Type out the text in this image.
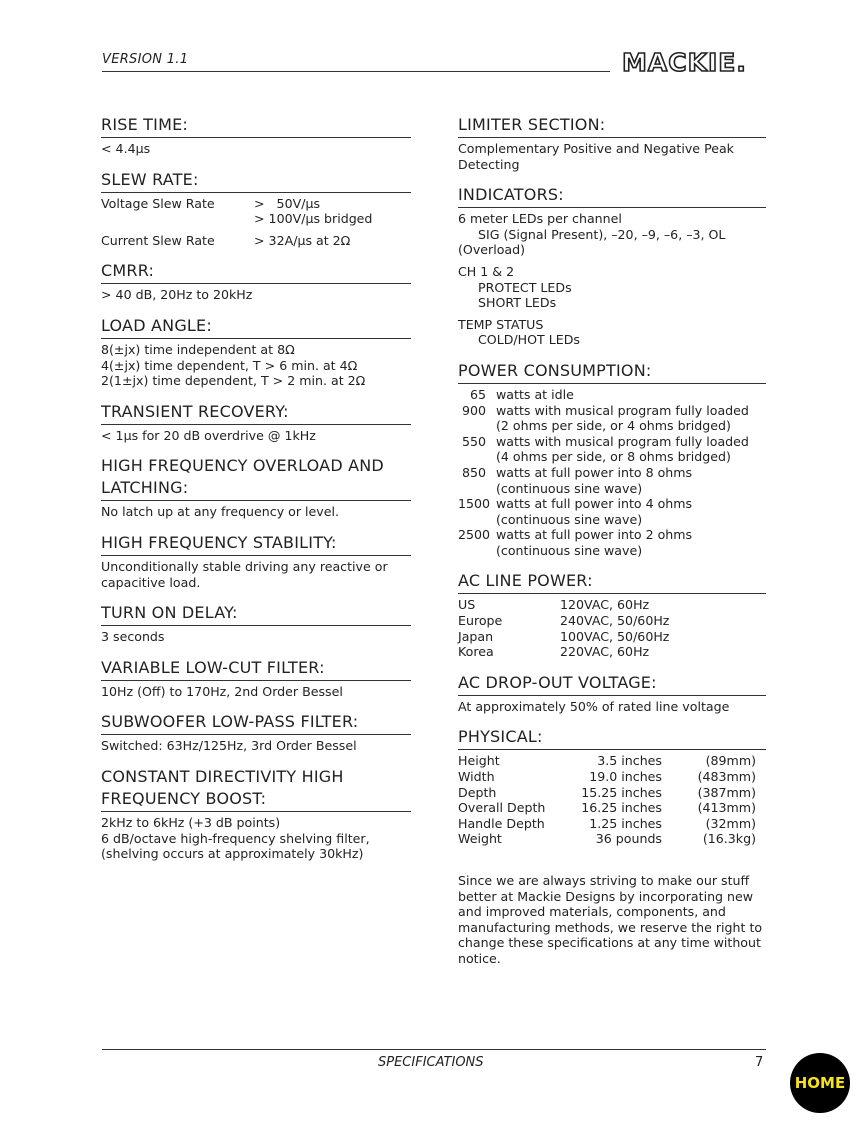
VERSION 1.1	MACKIE.
RISE TIME:
< 4.4µs
SLEW RATE:
Voltage Slew Rate	>   50V/µs
> 100V/µs bridged
Current Slew Rate	> 32A/µs at 2Ω
CMRR:
> 40 dB, 20Hz to 20kHz
LOAD ANGLE:
8(±jx) time independent at 8Ω
4(±jx) time dependent, T > 6 min. at 4Ω
2(1±jx) time dependent, T > 2 min. at 2Ω
TRANSIENT RECOVERY:
< 1µs for 20 dB overdrive @ 1kHz
HIGH FREQUENCY OVERLOAD AND LATCHING:
No latch up at any frequency or level.
HIGH FREQUENCY STABILITY:
Unconditionally stable driving any reactive or capacitive load.
TURN ON DELAY:
3 seconds
VARIABLE LOW-CUT FILTER:
10Hz (Off) to 170Hz, 2nd Order Bessel
SUBWOOFER LOW-PASS FILTER:
Switched: 63Hz/125Hz, 3rd Order Bessel
CONSTANT DIRECTIVITY HIGH FREQUENCY BOOST:
2kHz to 6kHz (+3 dB points)
6 dB/octave high-frequency shelving filter,
(shelving occurs at approximately 30kHz)
LIMITER SECTION:
Complementary Positive and Negative Peak Detecting
INDICATORS:
6 meter LEDs per channel
SIG (Signal Present), –20, –9, –6, –3, OL
(Overload)
CH 1 & 2
PROTECT LEDs
SHORT LEDs
TEMP STATUS
COLD/HOT LEDs
POWER CONSUMPTION:
65 watts at idle
900 watts with musical program fully loaded
(2 ohms per side, or 4 ohms bridged)
550 watts with musical program fully loaded
(4 ohms per side, or 8 ohms bridged)
850 watts at full power into 8 ohms
(continuous sine wave)
1500 watts at full power into 4 ohms
(continuous sine wave)
2500 watts at full power into 2 ohms
(continuous sine wave)
AC LINE POWER:
US	120VAC, 60Hz
Europe	240VAC, 50/60Hz
Japan	100VAC, 50/60Hz
Korea	220VAC, 60Hz
AC DROP-OUT VOLTAGE:
At approximately 50% of rated line voltage
PHYSICAL:
Height	3.5 inches	(89mm)
Width	19.0 inches	(483mm)
Depth	15.25 inches	(387mm)
Overall Depth	16.25 inches	(413mm)
Handle Depth	1.25 inches	(32mm)
Weight	36 pounds	(16.3kg)
Since we are always striving to make our stuff better at Mackie Designs by incorporating new and improved materials, components, and manufacturing methods, we reserve the right to change these specifications at any time without notice.
SPECIFICATIONS	7
HOME
